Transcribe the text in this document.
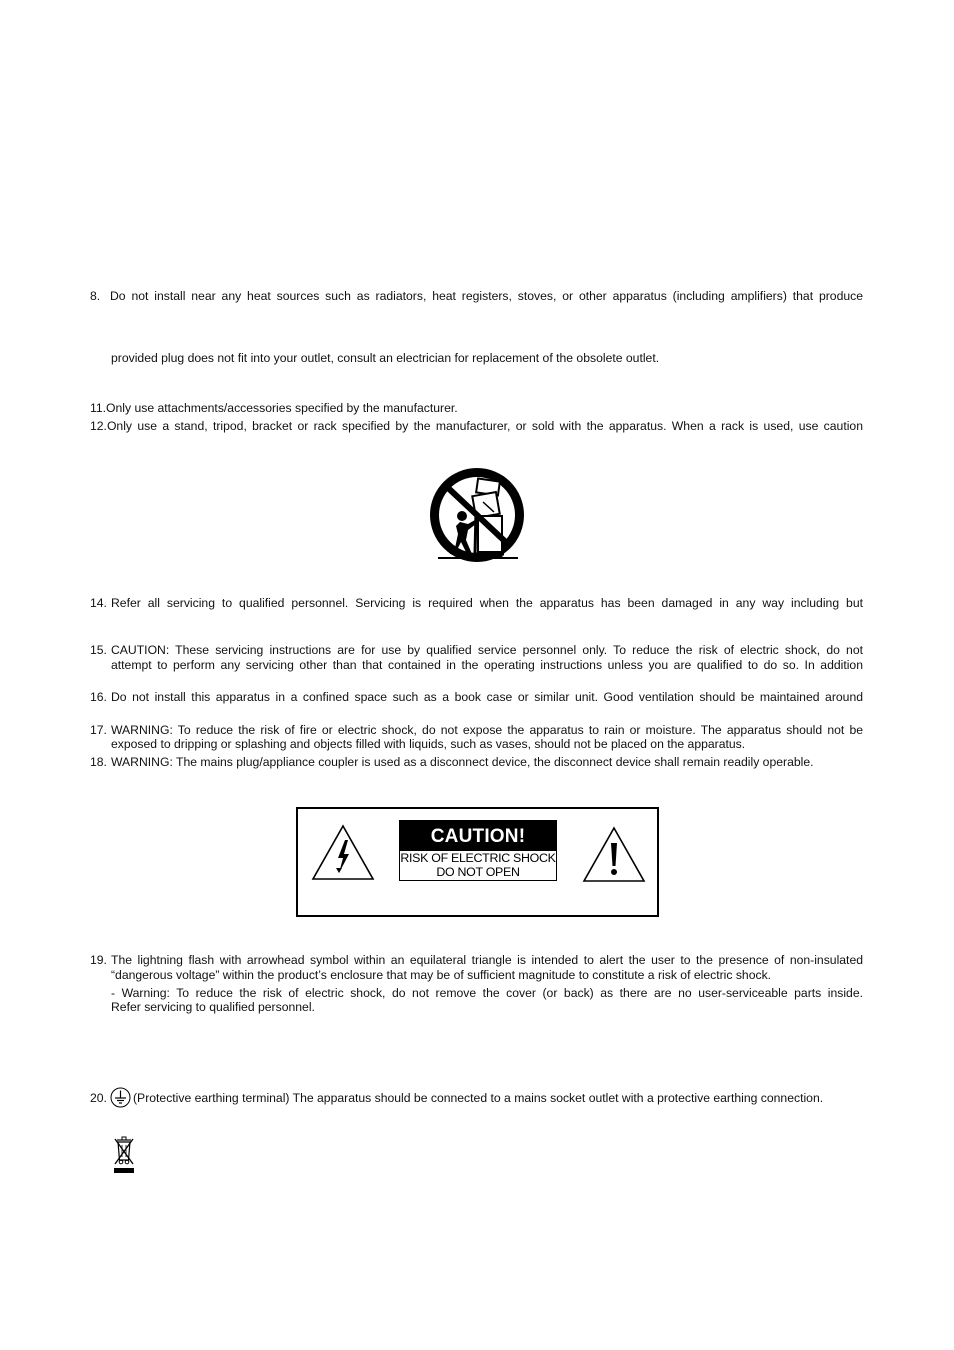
8. Do not install near any heat sources such as radiators, heat registers, stoves, or other apparatus (including amplifiers) that produce
provided plug does not fit into your outlet, consult an electrician for replacement of the obsolete outlet.
11.Only use attachments/accessories specified by the manufacturer.
12.Only use a stand, tripod, bracket or rack specified by the manufacturer, or sold with the apparatus. When a rack is used, use caution
14. Refer all servicing to qualified personnel. Servicing is required when the apparatus has been damaged in any way including but
15. CAUTION: These servicing instructions are for use by qualified service personnel only. To reduce the risk of electric shock, do not
attempt to perform any servicing other than that contained in the operating instructions unless you are qualified to do so. In addition
16. Do not install this apparatus in a confined space such as a book case or similar unit. Good ventilation should be maintained around
17. WARNING: To reduce the risk of fire or electric shock, do not expose the apparatus to rain or moisture. The apparatus should not be
exposed to dripping or splashing and objects filled with liquids, such as vases, should not be placed on the apparatus.
18. WARNING: The mains plug/appliance coupler is used as a disconnect device, the disconnect device shall remain readily operable.
CAUTION!
RISK OF ELECTRIC SHOCK
DO NOT OPEN
19. The lightning flash with arrowhead symbol within an equilateral triangle is intended to alert the user to the presence of non-insulated
“dangerous voltage” within the product’s enclosure that may be of sufficient magnitude to constitute a risk of electric shock.
- Warning: To reduce the risk of electric shock, do not remove the cover (or back) as there are no user-serviceable parts inside.
Refer servicing to qualified personnel.
20. (Protective earthing terminal) The apparatus should be connected to a mains socket outlet with a protective earthing connection.
